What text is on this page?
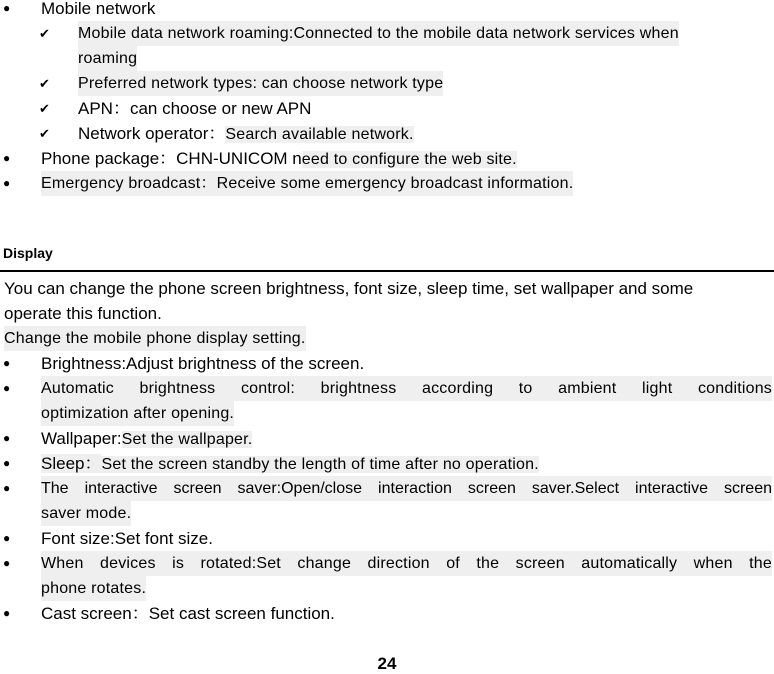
● Mobile network
✔ Mobile data network roaming:Connected to the mobile data network services when
roaming
✔ Preferred network types: can choose network type
✔ APN：can choose or new APN
✔ Network operator：Search available network.
● Phone package：CHN-UNICOM need to configure the web site.
● Emergency broadcast：Receive some emergency broadcast information.
Display
You can change the phone screen brightness, font size, sleep time, set wallpaper and some
operate this function.
Change the mobile phone display setting.
● Brightness:Adjust brightness of the screen.
● Automatic brightness control: brightness according to ambient light conditions
optimization after opening.
● Wallpaper:Set the wallpaper.
● Sleep：Set the screen standby the length of time after no operation.
● The interactive screen saver:Open/close interaction screen saver.Select interactive screen
saver mode.
● Font size:Set font size.
● When devices is rotated:Set change direction of the screen automatically when the
phone rotates.
● Cast screen：Set cast screen function.
24
